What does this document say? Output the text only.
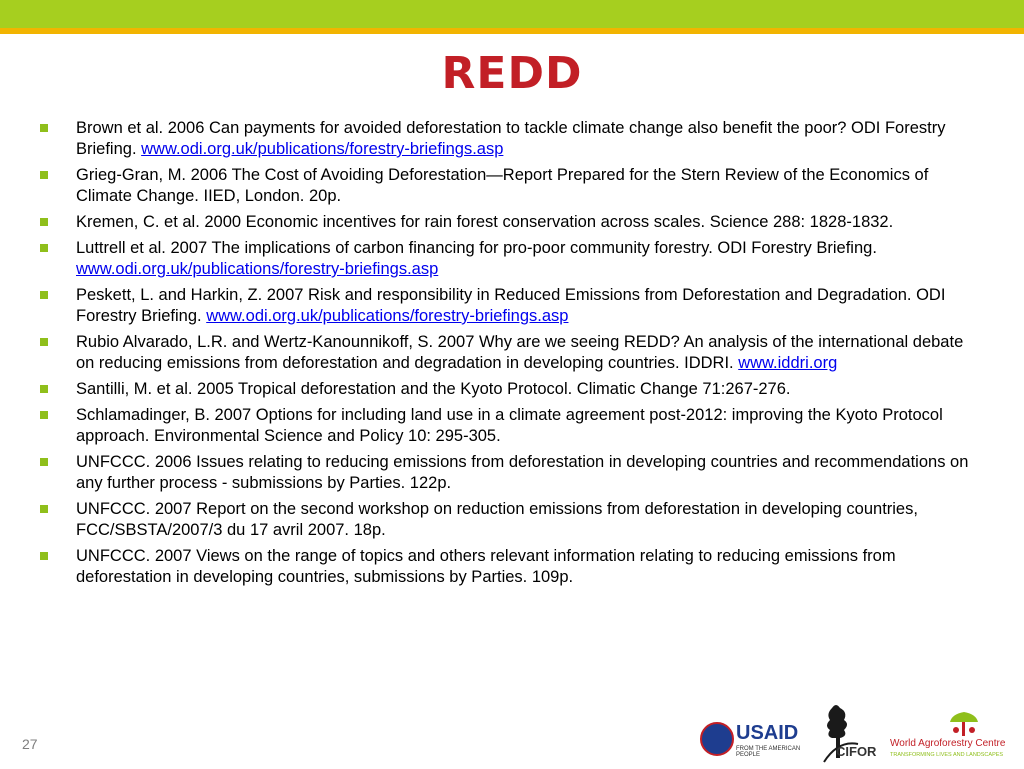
REDD
Brown et al. 2006 Can payments for avoided deforestation to tackle climate change also benefit the poor? ODI Forestry Briefing. www.odi.org.uk/publications/forestry-briefings.asp
Grieg-Gran, M. 2006 The Cost of Avoiding Deforestation—Report Prepared for the Stern Review of the Economics of Climate Change. IIED, London. 20p.
Kremen, C. et al. 2000 Economic incentives for rain forest conservation across scales. Science 288: 1828-1832.
Luttrell et al. 2007 The implications of carbon financing for pro-poor community forestry. ODI Forestry Briefing. www.odi.org.uk/publications/forestry-briefings.asp
Peskett, L. and Harkin, Z. 2007 Risk and responsibility in Reduced Emissions from Deforestation and Degradation. ODI Forestry Briefing. www.odi.org.uk/publications/forestry-briefings.asp
Rubio Alvarado, L.R. and Wertz-Kanounnikoff, S. 2007 Why are we seeing REDD? An analysis of the international debate on reducing emissions from deforestation and degradation in developing countries. IDDRI. www.iddri.org
Santilli, M. et al. 2005 Tropical deforestation and the Kyoto Protocol. Climatic Change 71:267-276.
Schlamadinger, B. 2007 Options for including land use in a climate agreement post-2012: improving the Kyoto Protocol approach. Environmental Science and Policy 10: 295-305.
UNFCCC. 2006 Issues relating to reducing emissions from deforestation in developing countries and recommendations on any further process - submissions by Parties. 122p.
UNFCCC. 2007 Report on the second workshop on reduction emissions from deforestation in developing countries, FCC/SBSTA/2007/3 du 17 avril 2007. 18p.
UNFCCC. 2007 Views on the range of topics and others relevant information relating to reducing emissions from deforestation in developing countries, submissions by Parties. 109p.
27	USAID
FROM THE AMERICAN PEOPLE	CIFOR
World Agroforestry Centre
TRANSFORMING LIVES AND LANDSCAPES
